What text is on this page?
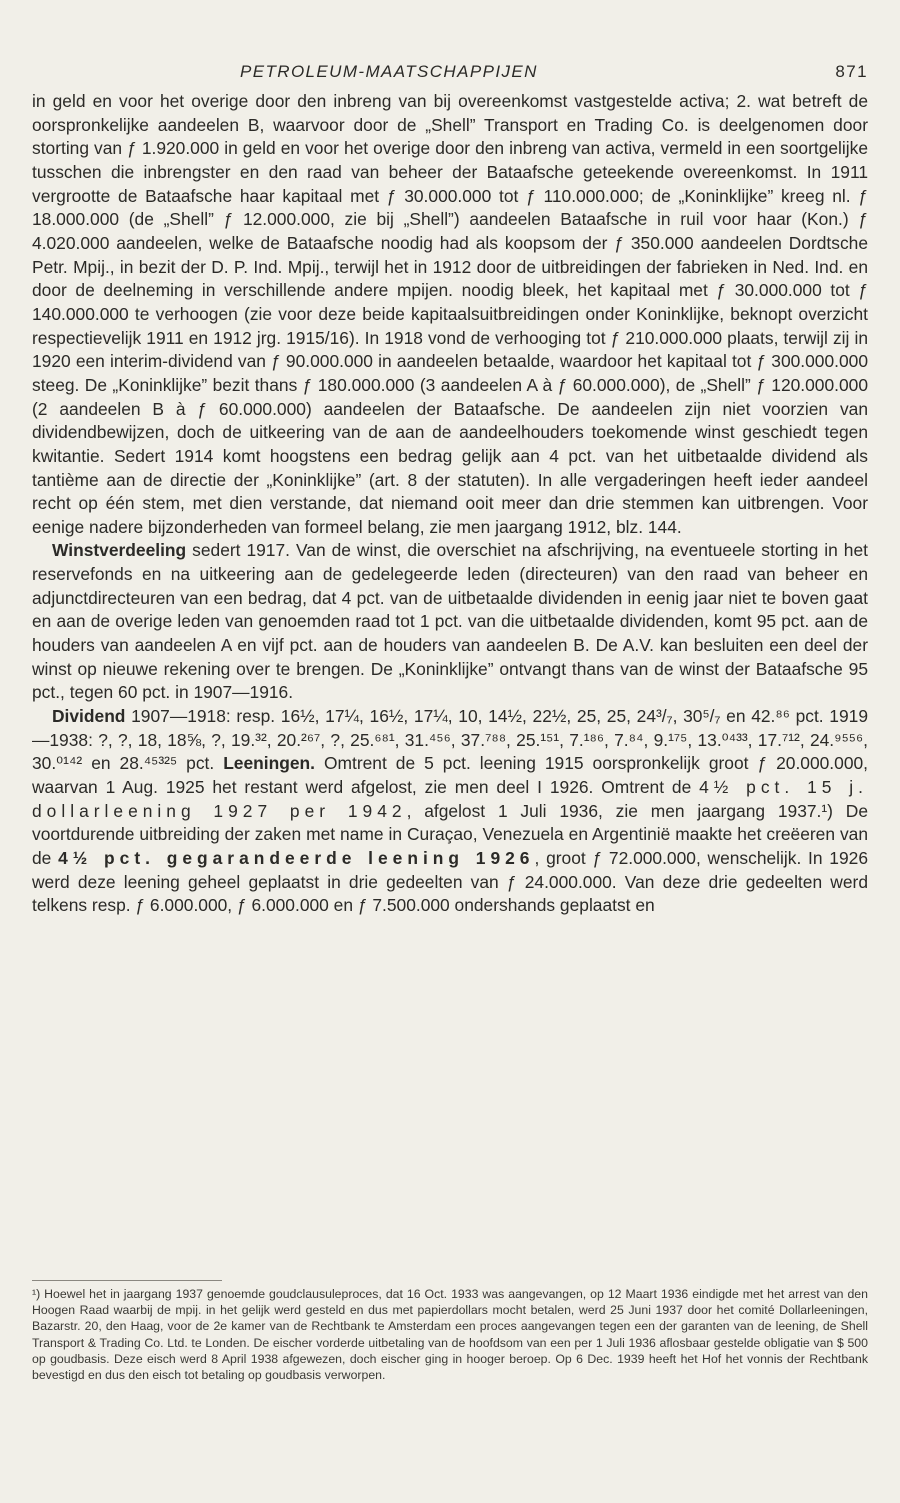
PETROLEUM-MAATSCHAPPIJEN	871

in geld en voor het overige door den inbreng van bij overeenkomst vastgestelde activa; 2. wat betreft de oorspronkelijke aandeelen B, waarvoor door de „Shell” Transport en Trading Co. is deelgenomen door storting van ƒ 1.920.000 in geld en voor het overige door den inbreng van activa, vermeld in een soortgelijke tusschen die inbrengster en den raad van beheer der Bataafsche geteekende overeenkomst. In 1911 vergrootte de Bataafsche haar kapitaal met ƒ 30.000.000 tot ƒ 110.000.000; de „Koninklijke” kreeg nl. ƒ 18.000.000 (de „Shell” ƒ 12.000.000, zie bij „Shell”) aandeelen Bataafsche in ruil voor haar (Kon.) ƒ 4.020.000 aandeelen, welke de Bataafsche noodig had als koopsom der ƒ 350.000 aandeelen Dordtsche Petr. Mpij., in bezit der D. P. Ind. Mpij., terwijl het in 1912 door de uitbreidingen der fabrieken in Ned. Ind. en door de deelneming in verschillende andere mpijen. noodig bleek, het kapitaal met ƒ 30.000.000 tot ƒ 140.000.000 te verhoogen (zie voor deze beide kapitaalsuitbreidingen onder Koninklijke, beknopt overzicht respectievelijk 1911 en 1912 jrg. 1915/16). In 1918 vond de verhooging tot ƒ 210.000.000 plaats, terwijl zij in 1920 een interim-dividend van ƒ 90.000.000 in aandeelen betaalde, waardoor het kapitaal tot ƒ 300.000.000 steeg. De „Koninklijke” bezit thans ƒ 180.000.000 (3 aandeelen A à ƒ 60.000.000), de „Shell” ƒ 120.000.000 (2 aandeelen B à ƒ 60.000.000) aandeelen der Bataafsche. De aandeelen zijn niet voorzien van dividendbewijzen, doch de uitkeering van de aan de aandeelhouders toekomende winst geschiedt tegen kwitantie. Sedert 1914 komt hoogstens een bedrag gelijk aan 4 pct. van het uitbetaalde dividend als tantième aan de directie der „Koninklijke” (art. 8 der statuten). In alle vergaderingen heeft ieder aandeel recht op één stem, met dien verstande, dat niemand ooit meer dan drie stemmen kan uitbrengen. Voor eenige nadere bijzonderheden van formeel belang, zie men jaargang 1912, blz. 144.

Winstverdeeling sedert 1917. Van de winst, die overschiet na afschrijving, na eventueele storting in het reservefonds en na uitkeering aan de gedelegeerde leden (directeuren) van den raad van beheer en adjunctdirecteuren van een bedrag, dat 4 pct. van de uitbetaalde dividenden in eenig jaar niet te boven gaat en aan de overige leden van genoemden raad tot 1 pct. van die uitbetaalde dividenden, komt 95 pct. aan de houders van aandeelen A en vijf pct. aan de houders van aandeelen B. De A.V. kan besluiten een deel der winst op nieuwe rekening over te brengen. De „Koninklijke” ontvangt thans van de winst der Bataafsche 95 pct., tegen 60 pct. in 1907—1916.

Dividend 1907—1918: resp. 16½, 17¼, 16½, 17¼, 10, 14½, 22½, 25, 25, 24³/₇, 30⁵/₇ en 42.⁸⁶ pct. 1919—1938: ?, ?, 18, 18⅝, ?, 19.³², 20.²⁶⁷, ?, 25.⁶⁸¹, 31.⁴⁵⁶, 37.⁷⁸⁸, 25.¹⁵¹, 7.¹⁸⁶, 7.⁸⁴, 9.¹⁷⁵, 13.⁰⁴³³, 17.⁷¹², 24.⁹⁵⁵⁶, 30.⁰¹⁴² en 28.⁴⁵³²⁵ pct. Leeningen. Omtrent de 5 pct. leening 1915 oorspronkelijk groot ƒ 20.000.000, waarvan 1 Aug. 1925 het restant werd afgelost, zie men deel I 1926. Omtrent de 4½ pct. 15 j. dollarleening 1927 per 1942, afgelost 1 Juli 1936, zie men jaargang 1937.¹) De voortdurende uitbreiding der zaken met name in Curaçao, Venezuela en Argentinië maakte het creëeren van de 4½ pct. gegarandeerde leening 1926, groot ƒ 72.000.000, wenschelijk. In 1926 werd deze leening geheel geplaatst in drie gedeelten van ƒ 24.000.000. Van deze drie gedeelten werd telkens resp. ƒ 6.000.000, ƒ 6.000.000 en ƒ 7.500.000 ondershands geplaatst en

¹) Hoewel het in jaargang 1937 genoemde goudclausuleproces, dat 16 Oct. 1933 was aangevangen, op 12 Maart 1936 eindigde met het arrest van den Hoogen Raad waarbij de mpij. in het gelijk werd gesteld en dus met papierdollars mocht betalen, werd 25 Juni 1937 door het comité Dollarleeningen, Bazarstr. 20, den Haag, voor de 2e kamer van de Rechtbank te Amsterdam een proces aangevangen tegen een der garanten van de leening, de Shell Transport & Trading Co. Ltd. te Londen. De eischer vorderde uitbetaling van de hoofdsom van een per 1 Juli 1936 aflosbaar gestelde obligatie van $ 500 op goudbasis. Deze eisch werd 8 April 1938 afgewezen, doch eischer ging in hooger beroep. Op 6 Dec. 1939 heeft het Hof het vonnis der Rechtbank bevestigd en dus den eisch tot betaling op goudbasis verworpen.
